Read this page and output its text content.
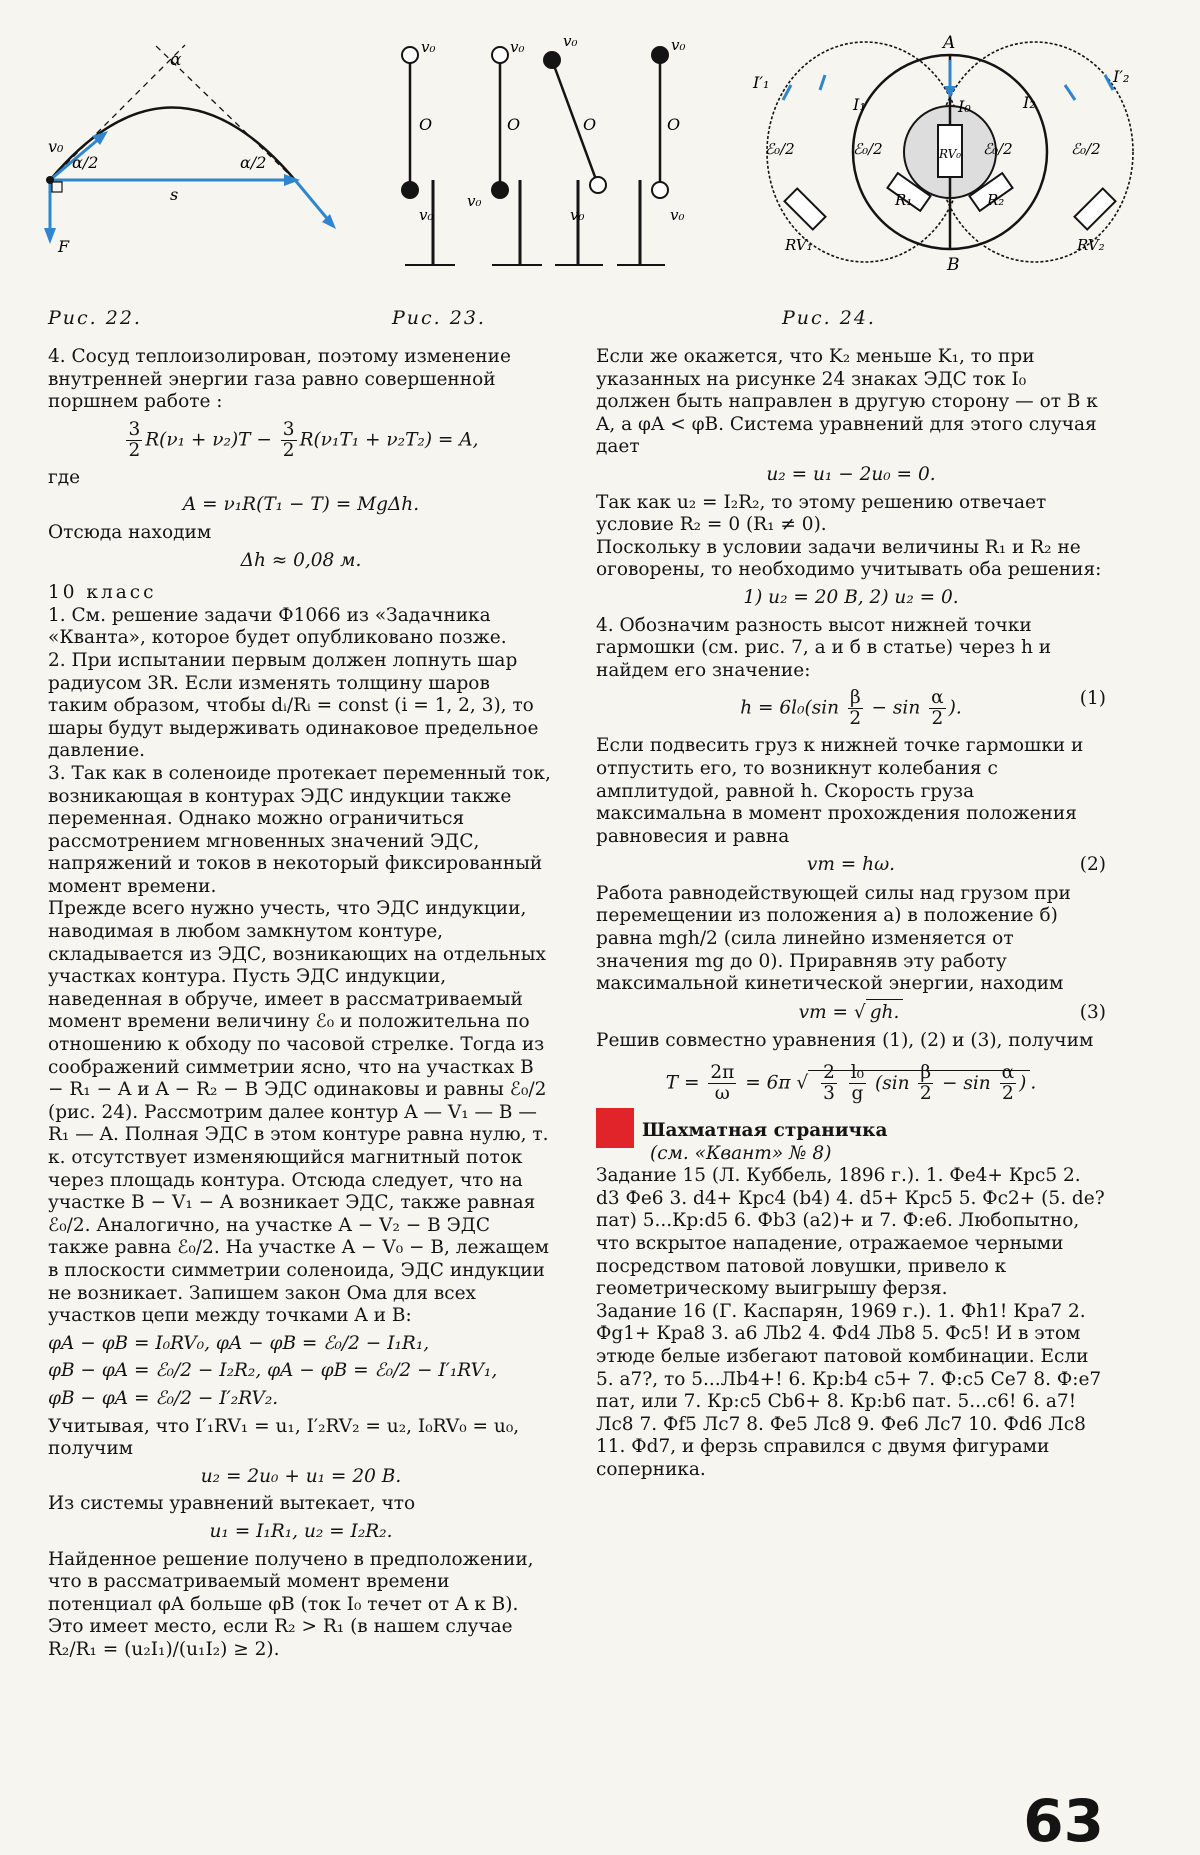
α
v₀
α/2	α/2
s
F
v₀
O
v₀
v₀
O
v₀
v₀
O
v₀
v₀
O
v₀
I′₁	I′₂
A
I₁	I₀	I₂
ℰ₀/2	ℰ₀/2	ℰ₀/2	ℰ₀/2
RV₀
R₁	R₂
RV₁	RV₂
B
Рис. 22.	Рис. 23.	Рис. 24.

4. Сосуд теплоизолирован, поэтому изменение внутренней энергии газа равно совершенной поршнем работе :

$\frac{3}{2} R(\nu_1 + \nu_2)T - \frac{3}{2} R(\nu_1T_1 + \nu_2T_2) = A$,

где

A = ν₁R(T₁ − T) = MgΔh.

Отсюда находим

Δh ≈ 0,08 м.

10 класс

1. См. решение задачи Ф1066 из «Задачника «Кванта», которое будет опубликовано позже.

2. При испытании первым должен лопнуть шар радиусом 3R. Если изменять толщину шаров таким образом, чтобы dᵢ/Rᵢ = const (i = 1, 2, 3), то шары будут выдерживать одинаковое предельное давление.

3. Так как в соленоиде протекает переменный ток, возникающая в контурах ЭДС индукции также переменная. Однако можно ограничиться рассмотрением мгновенных значений ЭДС, напряжений и токов в некоторый фиксированный момент времени.

Прежде всего нужно учесть, что ЭДС индукции, наводимая в любом замкнутом контуре, складывается из ЭДС, возникающих на отдельных участках контура. Пусть ЭДС индукции, наведенная в обруче, имеет в рассматриваемый момент времени величину ℰ₀ и положительна по отношению к обходу по часовой стрелке. Тогда из соображений симметрии ясно, что на участках B − R₁ − A и A − R₂ − B ЭДС одинаковы и равны ℰ₀/2 (рис. 24). Рассмотрим далее контур A — V₁ — B — R₁ — A. Полная ЭДС в этом контуре равна нулю, т. к. отсутствует изменяющийся магнитный поток через площадь контура. Отсюда следует, что на участке B − V₁ − A возникает ЭДС, также равная ℰ₀/2. Аналогично, на участке A − V₂ − B ЭДС также равна ℰ₀/2. На участке A − V₀ − B, лежащем в плоскости симметрии соленоида, ЭДС индукции не возникает. Запишем закон Ома для всех участков цепи между точками A и B:

φA − φB = I₀RV₀, φA − φB = ℰ₀/2 − I₁R₁,

φB − φA = ℰ₀/2 − I₂R₂, φA − φB = ℰ₀/2 − I′₁RV₁,

φB − φA = ℰ₀/2 − I′₂RV₂.

Учитывая, что I′₁RV₁ = u₁, I′₂RV₂ = u₂, I₀RV₀ = u₀, получим

u₂ = 2u₀ + u₁ = 20 В.

Из системы уравнений вытекает, что

u₁ = I₁R₁, u₂ = I₂R₂.

Найденное решение получено в предположении, что в рассматриваемый момент времени потенциал φA больше φB (ток I₀ течет от A к B). Это имеет место, если R₂ > R₁ (в нашем случае R₂/R₁ = (u₂I₁)/(u₁I₂) ≥ 2).

Если же окажется, что K₂ меньше K₁, то при указанных на рисунке 24 знаках ЭДС ток I₀ должен быть направлен в другую сторону — от B к A, а φA < φB. Система уравнений для этого случая дает

u₂ = u₁ − 2u₀ = 0.

Так как u₂ = I₂R₂, то этому решению отвечает условие R₂ = 0 (R₁ ≠ 0).

Поскольку в условии задачи величины R₁ и R₂ не оговорены, то необходимо учитывать оба решения:

1) u₂ = 20 В, 2) u₂ = 0.

4. Обозначим разность высот нижней точки гармошки (см. рис. 7, а и б в статье) через h и найдем его значение:

$h = 6l_0(\sin \frac{\beta}{2} - \sin \frac{\alpha}{2}$ ).	(1)

Если подвесить груз к нижней точке гармошки и отпустить его, то возникнут колебания с амплитудой, равной h. Скорость груза максимальна в момент прохождения положения равновесия и равна

vm = hω.	(2)

Работа равнодействующей силы над грузом при перемещении из положения а) в положение б) равна mgh/2 (сила линейно изменяется от значения mg до 0). Приравняв эту работу максимальной кинетической энергии, находим

vm = √ gh.	(3)

Решив совместно уравнения (1), (2) и (3), получим

$T = \frac{2\pi}{\omega} = 6\pi$ √ $\frac{2}{3}$
$\frac{\text{l₀}}{g} (\sin \frac{\beta}{2} - \sin \frac{\alpha}{2}$ ) .
Шахматная страничка
(см. «Квант» № 8)

Задание 15 (Л. Куббель, 1896 г.). 1. Фе4+ Крс5 2. d3 Фе6 3. d4+ Крс4 (b4) 4. d5+ Крс5 5. Фс2+ (5. de? пат) 5...Кр:d5 6. Фb3 (a2)+ и 7. Ф:е6. Любопытно, что вскрытое нападение, отражаемое черными посредством патовой ловушки, привело к геометрическому выигрышу ферзя.

Задание 16 (Г. Каспарян, 1969 г.). 1. Фh1! Кра7 2. Фg1+ Кра8 3. а6 Лb2 4. Фd4 Лb8 5. Фс5! И в этом этюде белые избегают патовой комбинации. Если 5. а7?, то 5...Лb4+! 6. Кр:b4 с5+ 7. Ф:с5 Се7 8. Ф:е7 пат, или 7. Кр:с5 Сb6+ 8. Кр:b6 пат. 5...с6! 6. а7! Лс8 7. Фf5 Лс7 8. Фе5 Лс8 9. Фе6 Лс7 10. Фd6 Лс8 11. Фd7, и ферзь справился с двумя фигурами соперника.

63
